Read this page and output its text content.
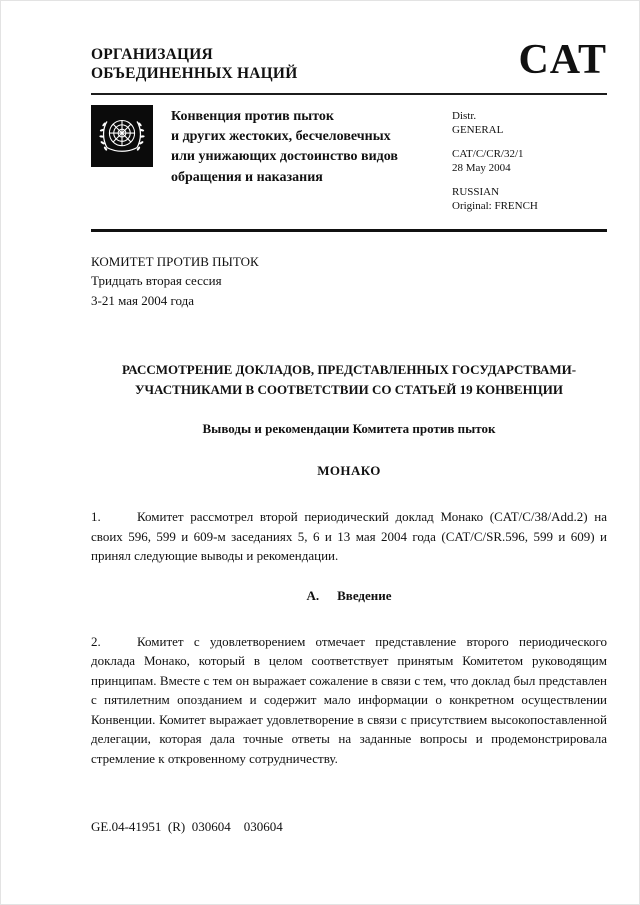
ОРГАНИЗАЦИЯ
ОБЪЕДИНЕННЫХ НАЦИЙ	CAT
Конвенция против пыток
и других жестоких, бесчеловечных
или унижающих достоинство видов
обращения и наказания
Distr.
GENERAL
CAT/C/CR/32/1
28 May 2004
RUSSIAN
Original: FRENCH
КОМИТЕТ ПРОТИВ ПЫТОК
Тридцать вторая сессия
3-21 мая 2004 года
РАССМОТРЕНИЕ ДОКЛАДОВ, ПРЕДСТАВЛЕННЫХ ГОСУДАРСТВАМИ-
УЧАСТНИКАМИ В СООТВЕТСТВИИ СО СТАТЬЕЙ 19 КОНВЕНЦИИ
Выводы и рекомендации Комитета против пыток
МОНАКО

1.	Комитет рассмотрел второй периодический доклад Монако (CAT/C/38/Add.2) на своих 596, 599 и 609-м заседаниях 5, 6 и 13 мая 2004 года (CAT/C/SR.596, 599 и 609) и принял следующие выводы и рекомендации.

A. Введение

2.	Комитет с удовлетворением отмечает представление второго периодического доклада Монако, который в целом соответствует принятым Комитетом руководящим принципам. Вместе с тем он выражает сожаление в связи с тем, что доклад был представлен с пятилетним опозданием и содержит мало информации о конкретном осуществлении Конвенции. Комитет выражает удовлетворение в связи с присутствием высокопоставленной делегации, которая дала точные ответы на заданные вопросы и продемонстрировала стремление к откровенному сотрудничеству.

GE.04-41951  (R)  030604    030604
